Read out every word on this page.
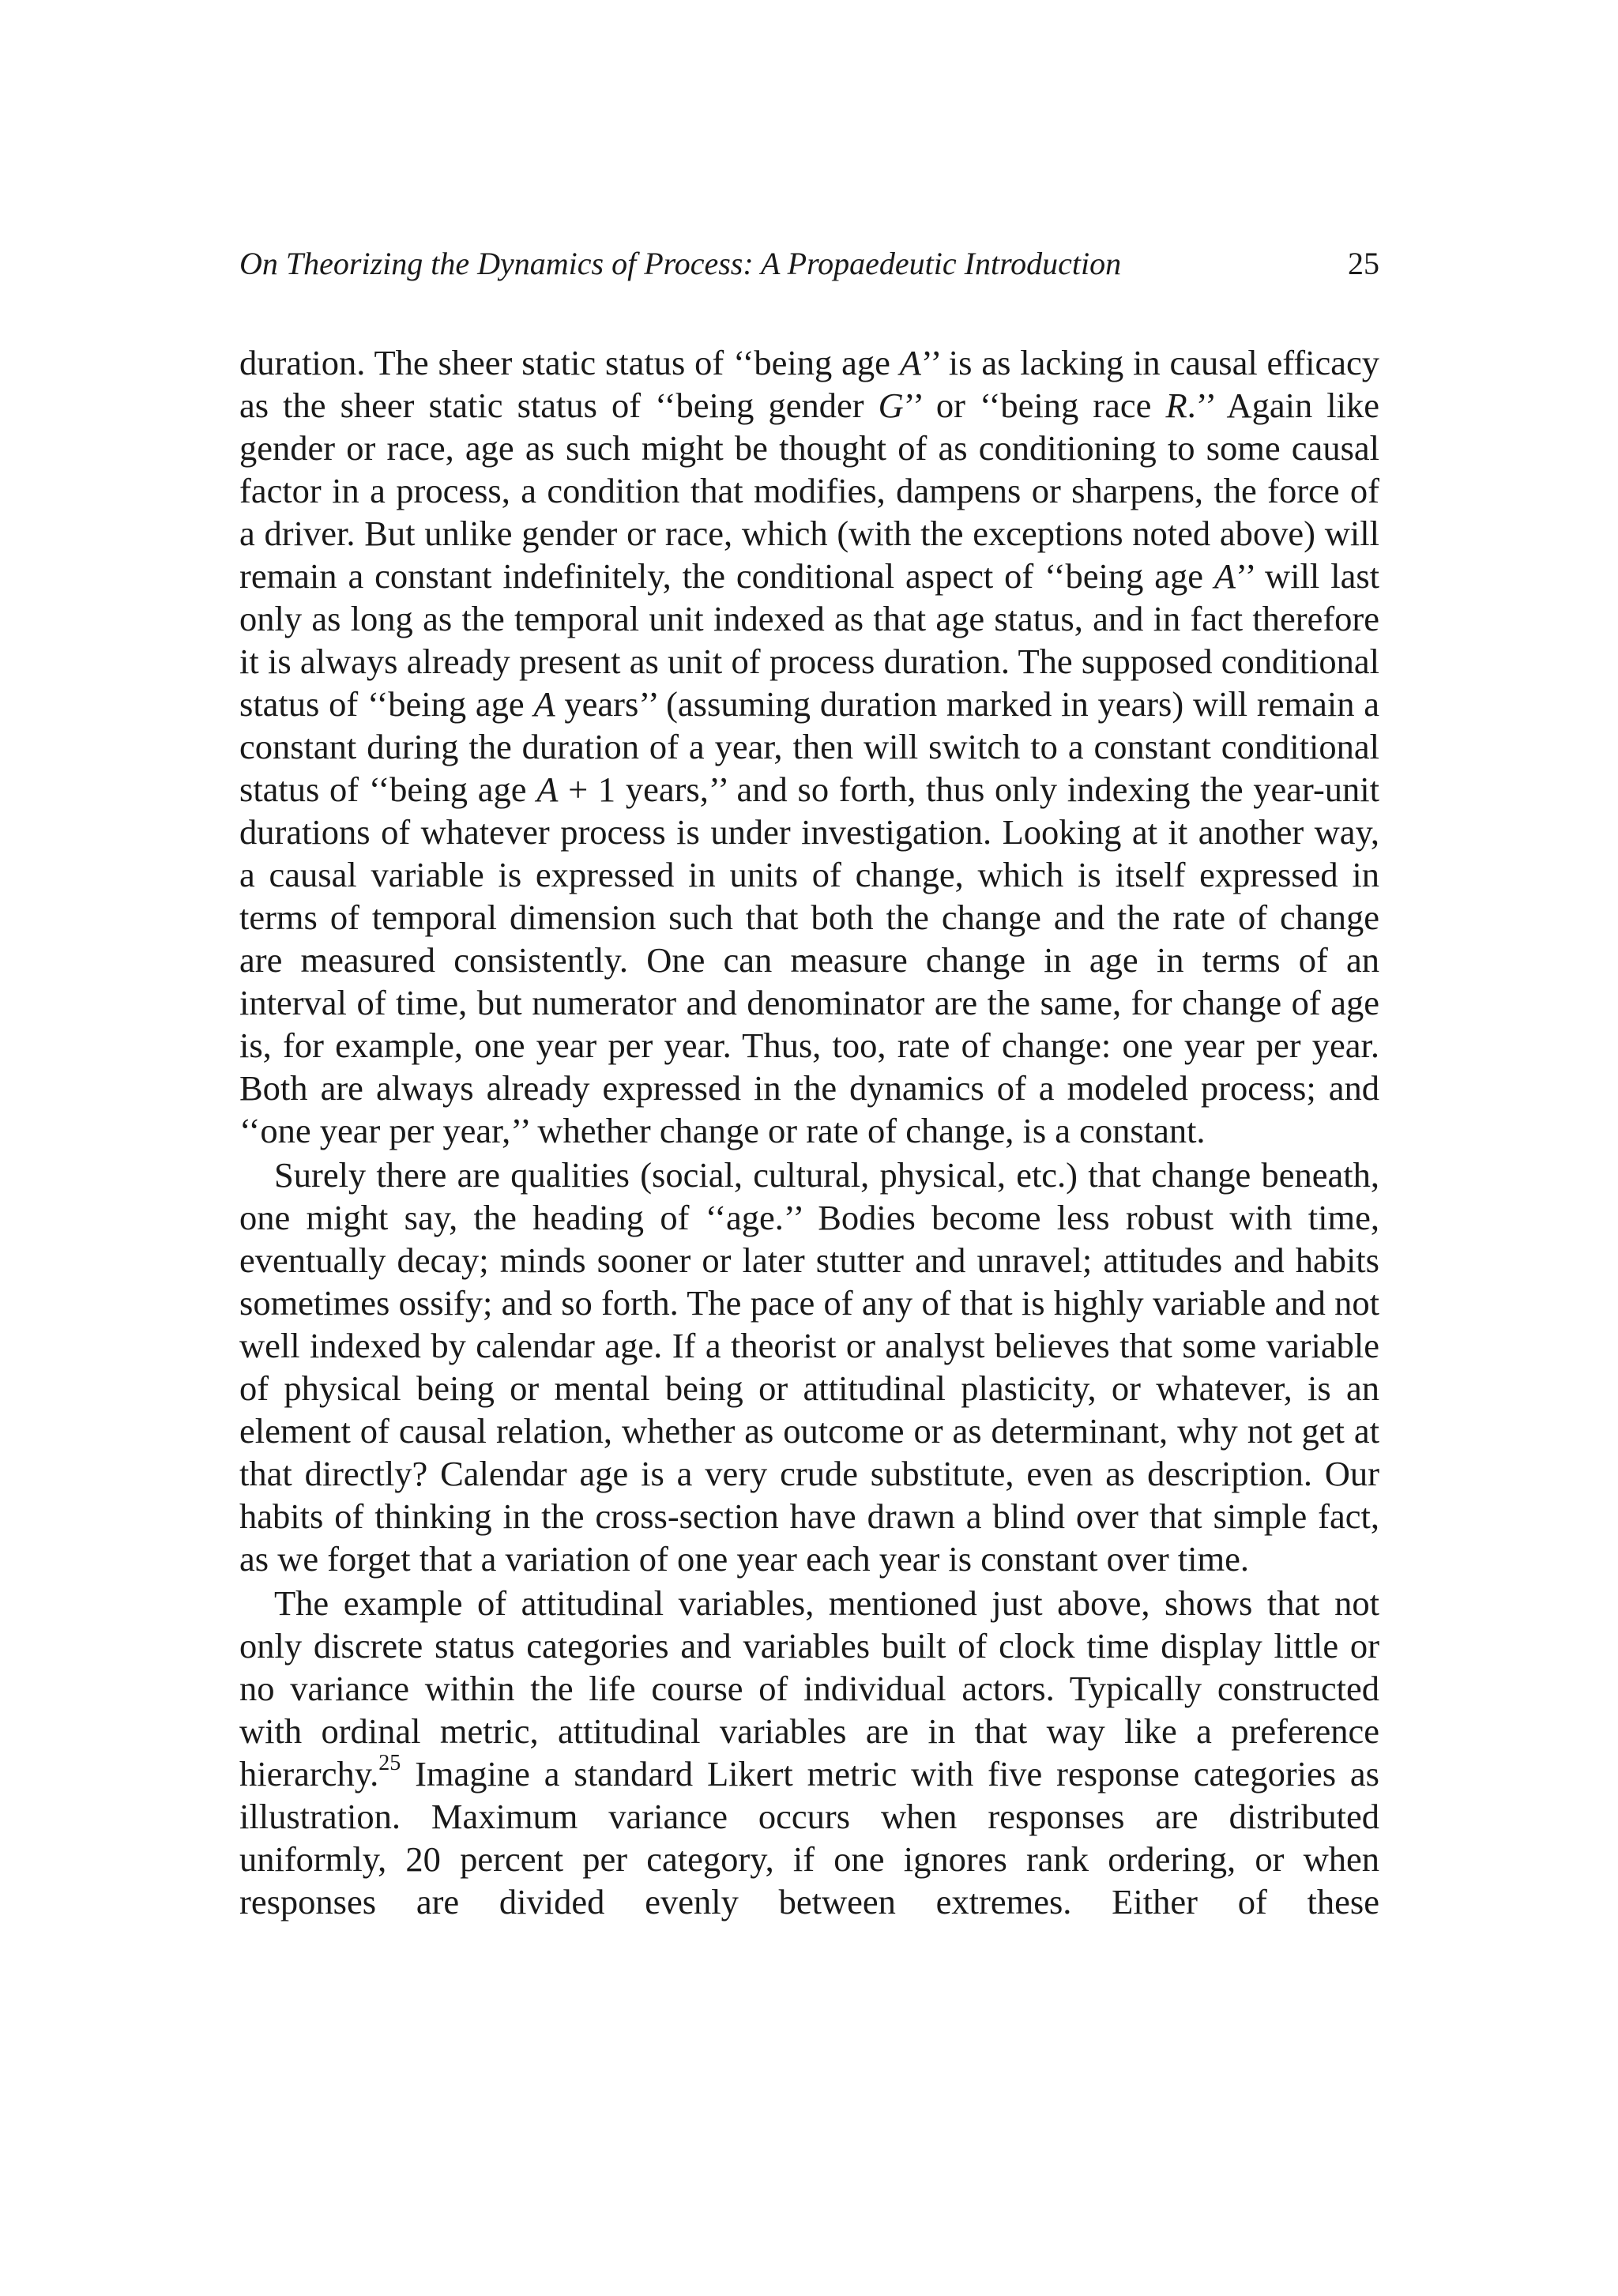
On Theorizing the Dynamics of Process: A Propaedeutic Introduction	25

duration. The sheer static status of ‘‘being age A’’ is as lacking in causal efficacy as the sheer static status of ‘‘being gender G’’ or ‘‘being race R.’’ Again like gender or race, age as such might be thought of as conditioning to some causal factor in a process, a condition that modifies, dampens or sharpens, the force of a driver. But unlike gender or race, which (with the exceptions noted above) will remain a constant indefinitely, the conditional aspect of ‘‘being age A’’ will last only as long as the temporal unit indexed as that age status, and in fact therefore it is always already present as unit of process duration. The supposed conditional status of ‘‘being age A years’’ (assuming duration marked in years) will remain a constant during the duration of a year, then will switch to a constant conditional status of ‘‘being age A + 1 years,’’ and so forth, thus only indexing the year-unit durations of whatever process is under investigation. Looking at it another way, a causal variable is expressed in units of change, which is itself expressed in terms of temporal dimension such that both the change and the rate of change are measured consistently. One can measure change in age in terms of an interval of time, but numerator and denominator are the same, for change of age is, for example, one year per year. Thus, too, rate of change: one year per year. Both are always already expressed in the dynamics of a modeled process; and ‘‘one year per year,’’ whether change or rate of change, is a constant.

Surely there are qualities (social, cultural, physical, etc.) that change beneath, one might say, the heading of ‘‘age.’’ Bodies become less robust with time, eventually decay; minds sooner or later stutter and unravel; attitudes and habits sometimes ossify; and so forth. The pace of any of that is highly variable and not well indexed by calendar age. If a theorist or analyst believes that some variable of physical being or mental being or attitudinal plasticity, or whatever, is an element of causal relation, whether as outcome or as determinant, why not get at that directly? Calendar age is a very crude substitute, even as description. Our habits of thinking in the cross-section have drawn a blind over that simple fact, as we forget that a variation of one year each year is constant over time.

The example of attitudinal variables, mentioned just above, shows that not only discrete status categories and variables built of clock time display little or no variance within the life course of individual actors. Typically constructed with ordinal metric, attitudinal variables are in that way like a preference hierarchy.$^{25}$ Imagine a standard Likert metric with five response categories as illustration. Maximum variance occurs when responses are distributed uniformly, 20 percent per category, if one ignores rank ordering, or when responses are divided evenly between extremes. Either of these
